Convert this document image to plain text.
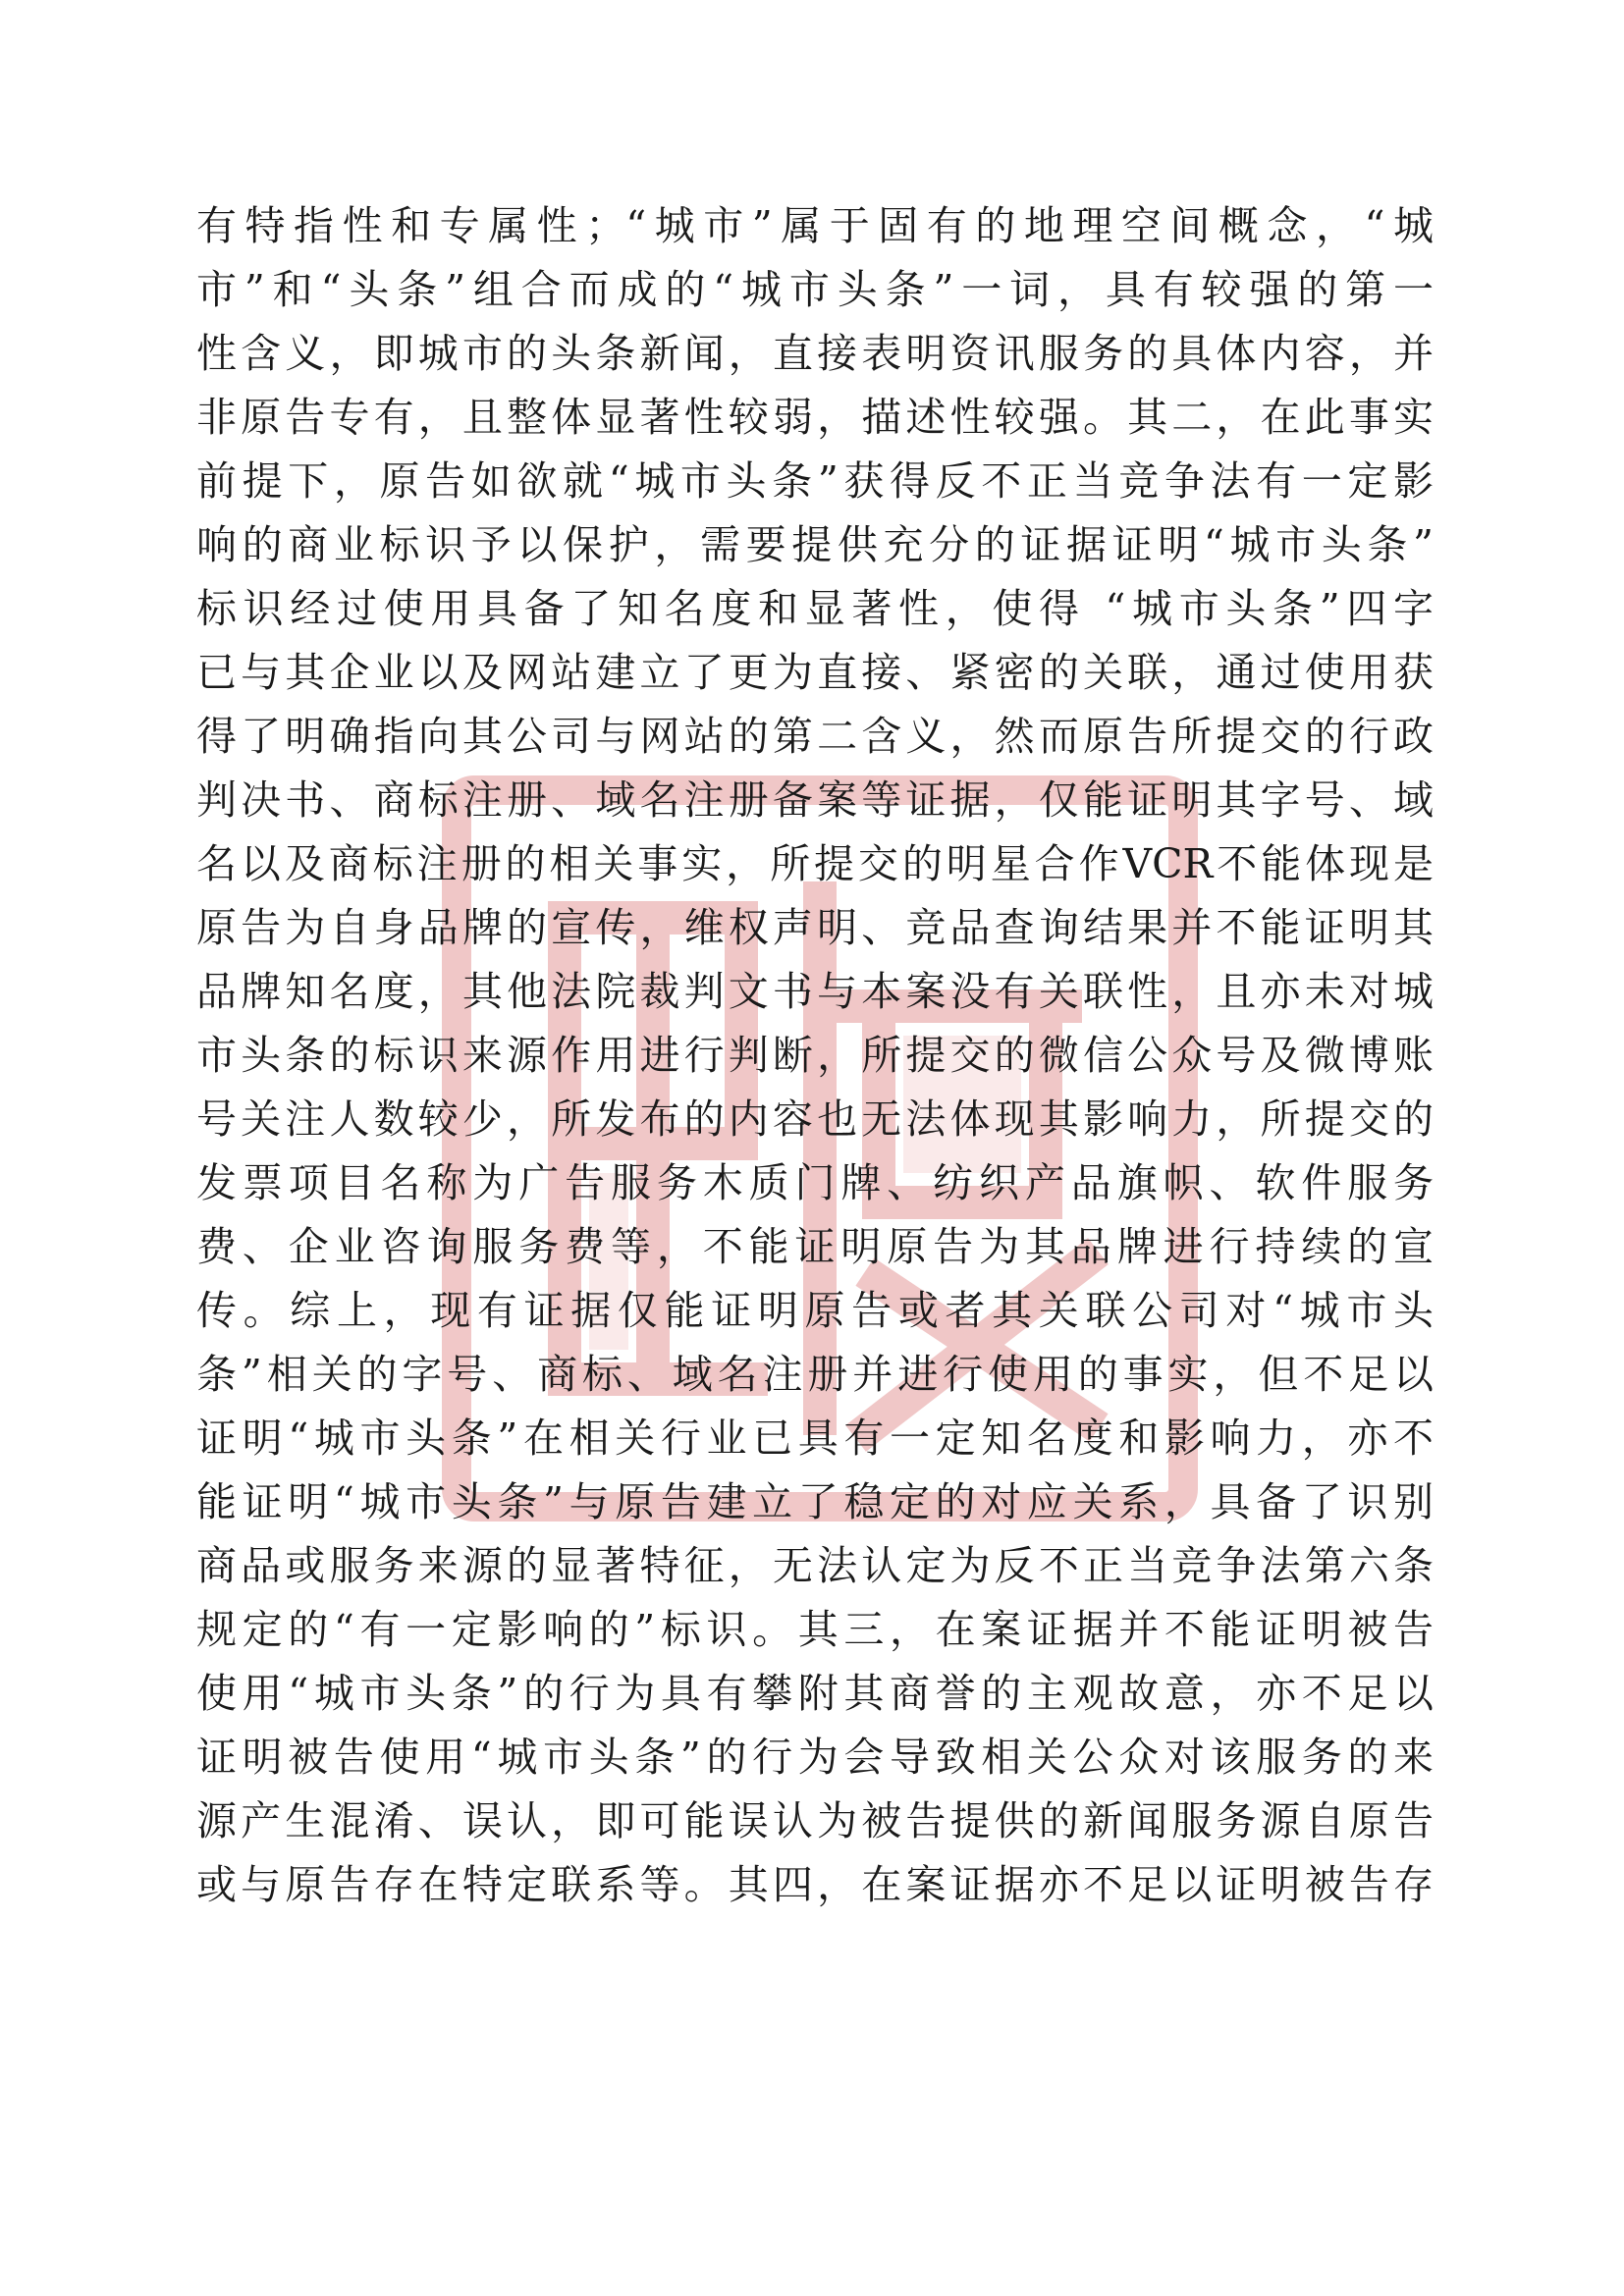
有特指性和专属性；“城市”属于固有的地理空间概念，“城
市”和“头条”组合而成的“城市头条”一词，具有较强的第一
性含义，即城市的头条新闻，直接表明资讯服务的具体内容，并
非原告专有，且整体显著性较弱，描述性较强。其二，在此事实
前提下，原告如欲就“城市头条”获得反不正当竞争法有一定影
响的商业标识予以保护，需要提供充分的证据证明“城市头条”
标识经过使用具备了知名度和显著性，使得 “城市头条”四字
已与其企业以及网站建立了更为直接、紧密的关联，通过使用获
得了明确指向其公司与网站的第二含义，然而原告所提交的行政
判决书、商标注册、域名注册备案等证据，仅能证明其字号、域
名以及商标注册的相关事实，所提交的明星合作VCR不能体现是
原告为自身品牌的宣传，维权声明、竞品查询结果并不能证明其
品牌知名度，其他法院裁判文书与本案没有关联性，且亦未对城
市头条的标识来源作用进行判断，所提交的微信公众号及微博账
号关注人数较少，所发布的内容也无法体现其影响力，所提交的
发票项目名称为广告服务木质门牌、纺织产品旗帜、软件服务
费、企业咨询服务费等，不能证明原告为其品牌进行持续的宣
传。综上，现有证据仅能证明原告或者其关联公司对“城市头
条”相关的字号、商标、域名注册并进行使用的事实，但不足以
证明“城市头条”在相关行业已具有一定知名度和影响力，亦不
能证明“城市头条”与原告建立了稳定的对应关系，具备了识别
商品或服务来源的显著特征，无法认定为反不正当竞争法第六条
规定的“有一定影响的”标识。其三，在案证据并不能证明被告
使用“城市头条”的行为具有攀附其商誉的主观故意，亦不足以
证明被告使用“城市头条”的行为会导致相关公众对该服务的来
源产生混淆、误认，即可能误认为被告提供的新闻服务源自原告
或与原告存在特定联系等。其四，在案证据亦不足以证明被告存
